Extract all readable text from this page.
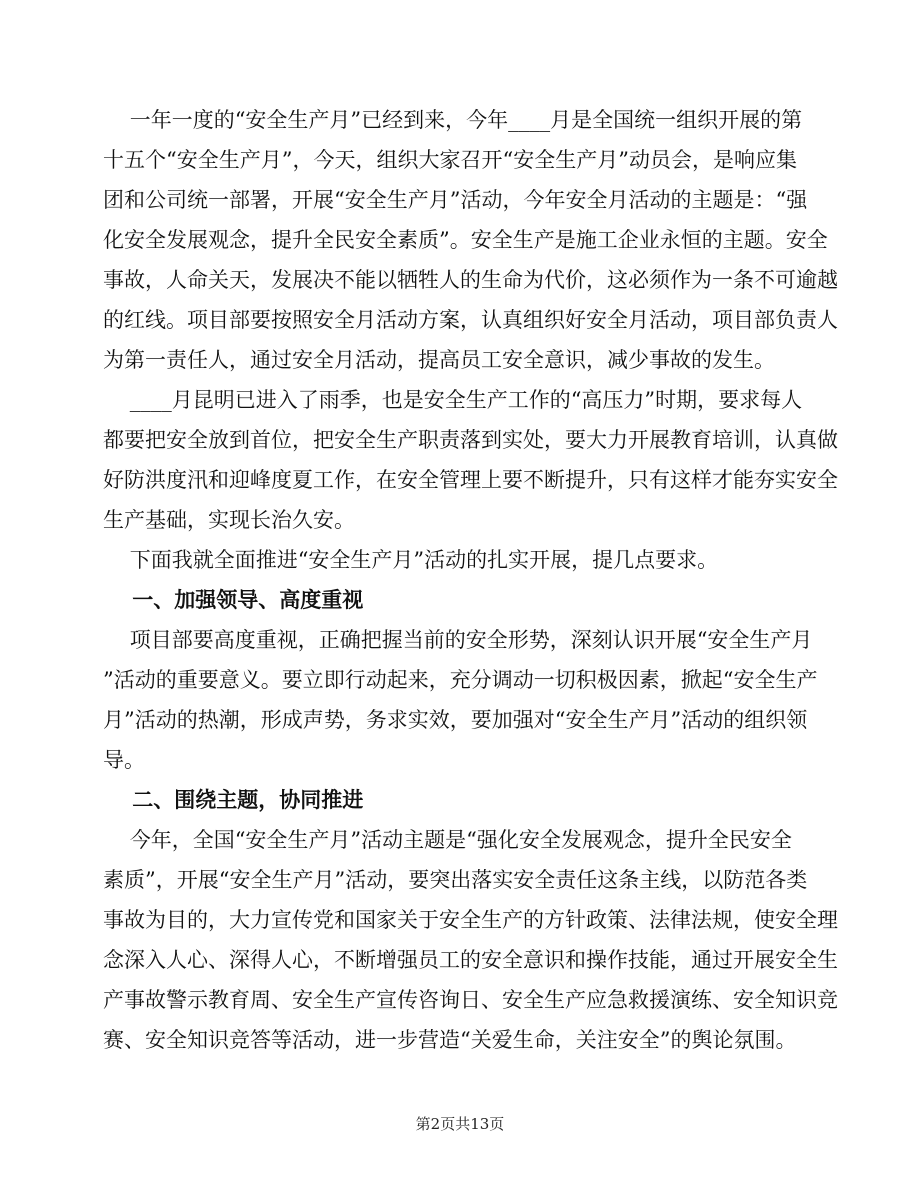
一年一度的“安全生产月”已经到来，今年____月是全国统一组织开展的第

十五个“安全生产月”，今天，组织大家召开“安全生产月”动员会，是响应集

团和公司统一部署，开展“安全生产月”活动，今年安全月活动的主题是：“强

化安全发展观念，提升全民安全素质”。安全生产是施工企业永恒的主题。安全

事故，人命关天，发展决不能以牺牲人的生命为代价，这必须作为一条不可逾越

的红线。项目部要按照安全月活动方案，认真组织好安全月活动，项目部负责人

为第一责任人，通过安全月活动，提高员工安全意识，减少事故的发生。

____月昆明已进入了雨季，也是安全生产工作的“高压力”时期，要求每人

都要把安全放到首位，把安全生产职责落到实处，要大力开展教育培训，认真做

好防洪度汛和迎峰度夏工作，在安全管理上要不断提升，只有这样才能夯实安全

生产基础，实现长治久安。

下面我就全面推进“安全生产月”活动的扎实开展，提几点要求。

一、加强领导、高度重视

项目部要高度重视，正确把握当前的安全形势，深刻认识开展“安全生产月

”活动的重要意义。要立即行动起来，充分调动一切积极因素，掀起“安全生产

月”活动的热潮，形成声势，务求实效，要加强对“安全生产月”活动的组织领

导。

二、围绕主题，协同推进

今年，全国“安全生产月”活动主题是“强化安全发展观念，提升全民安全

素质”，开展“安全生产月”活动，要突出落实安全责任这条主线，以防范各类

事故为目的，大力宣传党和国家关于安全生产的方针政策、法律法规，使安全理

念深入人心、深得人心，不断增强员工的安全意识和操作技能，通过开展安全生

产事故警示教育周、安全生产宣传咨询日、安全生产应急救援演练、安全知识竞

赛、安全知识竞答等活动，进一步营造“关爱生命，关注安全”的舆论氛围。

第2页共13页
